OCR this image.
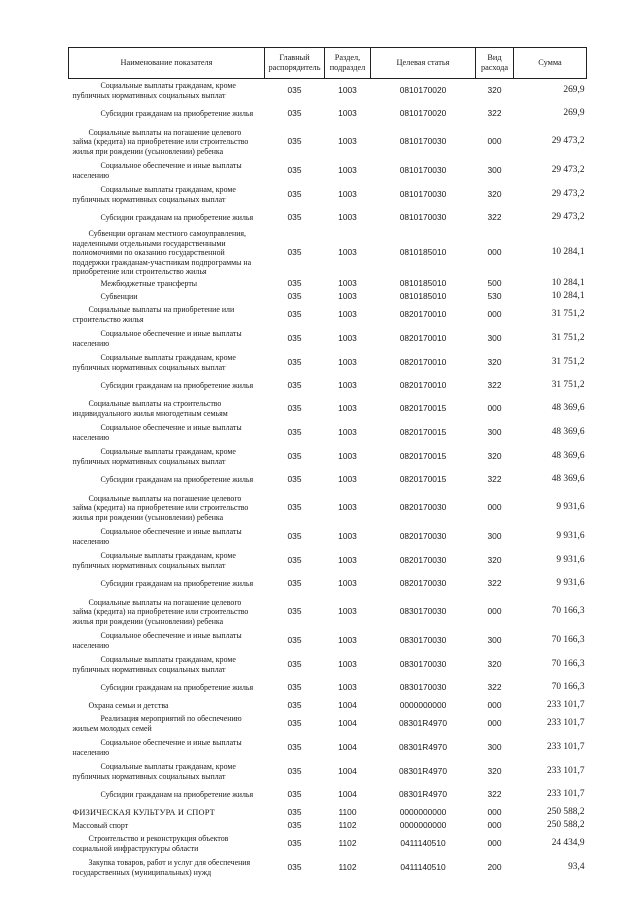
Наименование показателя	Главный распорядитель	Раздел, подраздел	Целевая статья	Вид расхода	Сумма
Социальные выплаты гражданам, кроме публичных нормативных социальных выплат	035	1003	0810170020	320	269,9
Субсидии гражданам на приобретение жилья	035	1003	0810170020	322	269,9
Социальные выплаты на погашение целевого займа (кредита) на приобретение или строительство жилья при рождении (усыновлении) ребенка	035	1003	0810170030	000	29 473,2
Социальное обеспечение и иные выплаты населению	035	1003	0810170030	300	29 473,2
Социальные выплаты гражданам, кроме публичных нормативных социальных выплат	035	1003	0810170030	320	29 473,2
Субсидии гражданам на приобретение жилья	035	1003	0810170030	322	29 473,2
Субвенции органам местного самоуправления, наделенными отдельными государственными полномочиями по оказанию государственной поддержки гражданам-участникам подпрограммы на приобретение или строительство жилья	035	1003	0810185010	000	10 284,1
Межбюджетные трансферты	035	1003	0810185010	500	10 284,1
Субвенции	035	1003	0810185010	530	10 284,1
Социальные выплаты на приобретение или строительство жилья	035	1003	0820170010	000	31 751,2
Социальное обеспечение и иные выплаты населению	035	1003	0820170010	300	31 751,2
Социальные выплаты гражданам, кроме публичных нормативных социальных выплат	035	1003	0820170010	320	31 751,2
Субсидии гражданам на приобретение жилья	035	1003	0820170010	322	31 751,2
Социальные выплаты на строительство индивидуального жилья многодетным семьям	035	1003	0820170015	000	48 369,6
Социальное обеспечение и иные выплаты населению	035	1003	0820170015	300	48 369,6
Социальные выплаты гражданам, кроме публичных нормативных социальных выплат	035	1003	0820170015	320	48 369,6
Субсидии гражданам на приобретение жилья	035	1003	0820170015	322	48 369,6
Социальные выплаты на погашение целевого займа (кредита) на приобретение или строительство жилья при рождении (усыновлении) ребенка	035	1003	0820170030	000	9 931,6
Социальное обеспечение и иные выплаты населению	035	1003	0820170030	300	9 931,6
Социальные выплаты гражданам, кроме публичных нормативных социальных выплат	035	1003	0820170030	320	9 931,6
Субсидии гражданам на приобретение жилья	035	1003	0820170030	322	9 931,6
Социальные выплаты на погашение целевого займа (кредита) на приобретение или строительство жилья при рождении (усыновлении) ребенка	035	1003	0830170030	000	70 166,3
Социальное обеспечение и иные выплаты населению	035	1003	0830170030	300	70 166,3
Социальные выплаты гражданам, кроме публичных нормативных социальных выплат	035	1003	0830170030	320	70 166,3
Субсидии гражданам на приобретение жилья	035	1003	0830170030	322	70 166,3
Охрана семьи и детства	035	1004	0000000000	000	233 101,7
Реализация мероприятий по обеспечению жильем молодых семей	035	1004	08301R4970	000	233 101,7
Социальное обеспечение и иные выплаты населению	035	1004	08301R4970	300	233 101,7
Социальные выплаты гражданам, кроме публичных нормативных социальных выплат	035	1004	08301R4970	320	233 101,7
Субсидии гражданам на приобретение жилья	035	1004	08301R4970	322	233 101,7
ФИЗИЧЕСКАЯ КУЛЬТУРА И СПОРТ	035	1100	0000000000	000	250 588,2
Массовый спорт	035	1102	0000000000	000	250 588,2
Строительство и реконструкция объектов социальной инфраструктуры области	035	1102	0411140510	000	24 434,9
Закупка товаров, работ и услуг для обеспечения государственных (муниципальных) нужд	035	1102	0411140510	200	93,4
